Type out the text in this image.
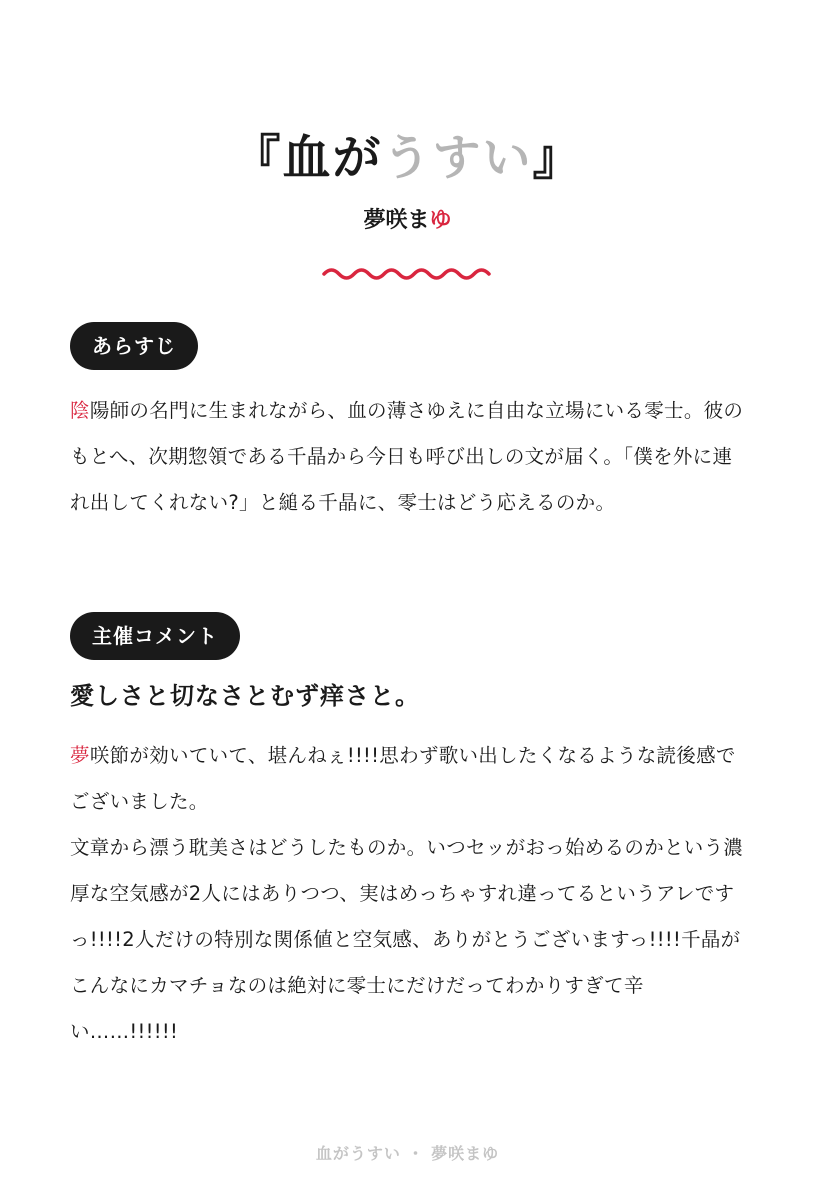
『血がうすい』
夢咲まゆ
あらすじ

陰陽師の名門に生まれながら、血の薄さゆえに自由な立場にいる零士。彼のもとへ、次期惣領である千晶から今日も呼び出しの文が届く。「僕を外に連れ出してくれない?」と縋る千晶に、零士はどう応えるのか。

主催コメント
愛しさと切なさとむず痒さと。

夢咲節が効いていて、堪んねぇ!!!!思わず歌い出したくなるような読後感でございました。

文章から漂う耽美さはどうしたものか。いつセッがおっ始めるのかという濃厚な空気感が2人にはありつつ、実はめっちゃすれ違ってるというアレですっ!!!!2人だけの特別な関係値と空気感、ありがとうございますっ!!!!千晶がこんなにカマチョなのは絶対に零士にだけだってわかりすぎて辛い……!!!!!!

血がうすい ・ 夢咲まゆ
